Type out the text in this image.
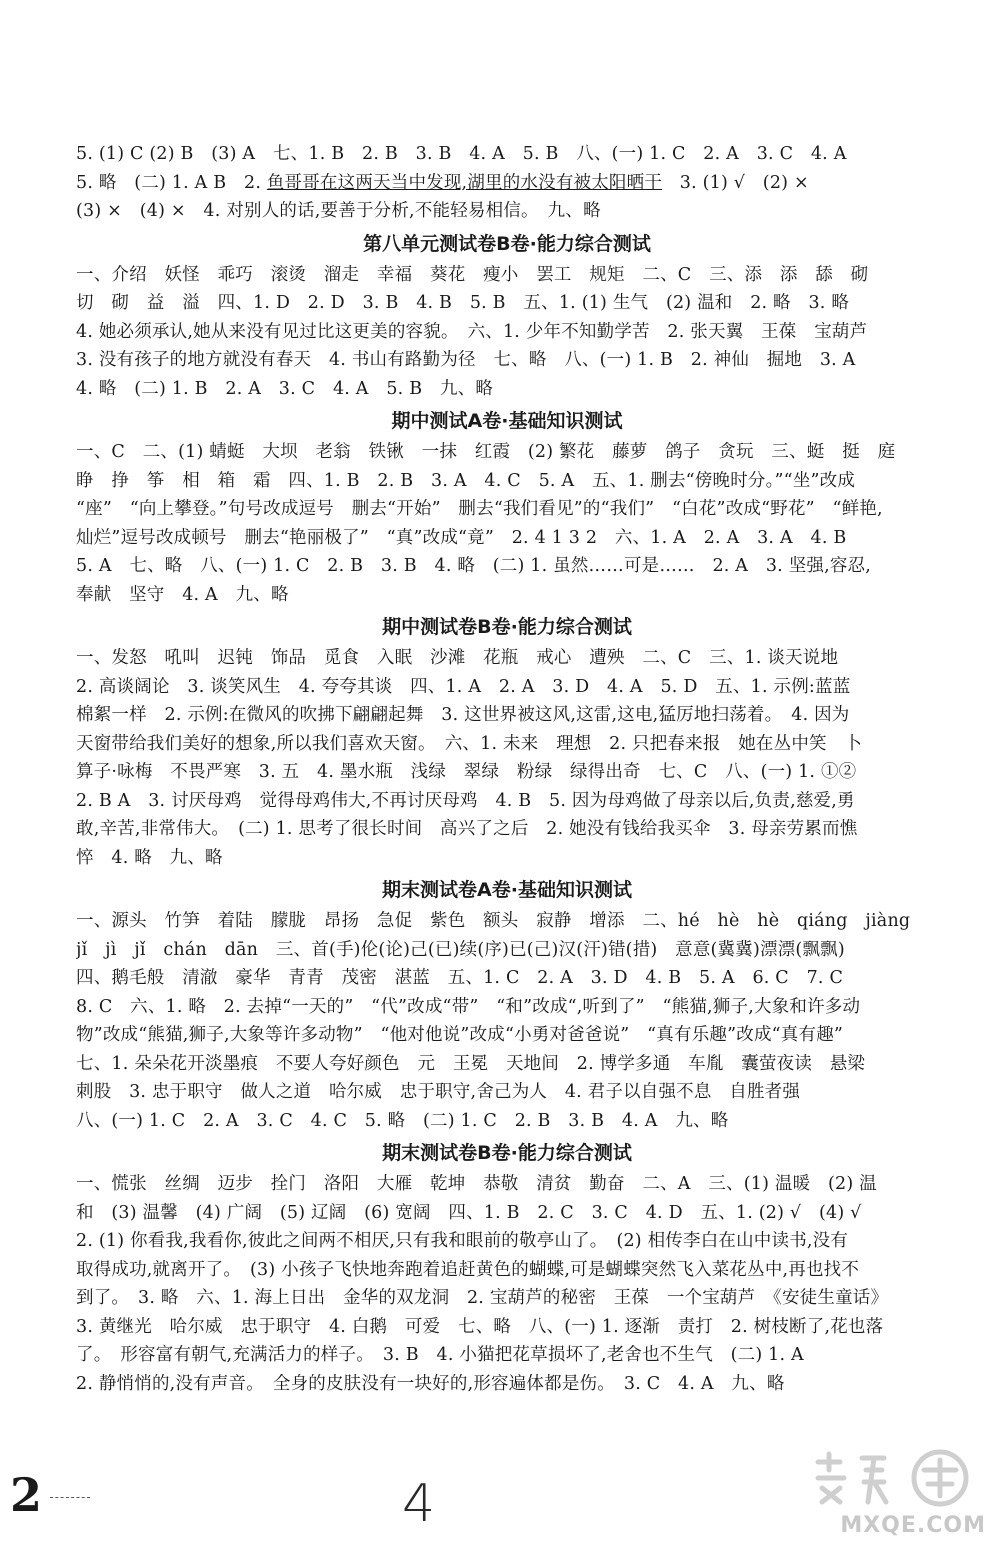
5. (1) C (2) B　(3) A　七、1. B　2. B　3. B　4. A　5. B　八、(一) 1. C　2. A　3. C　4. A
5. 略　(二) 1. A B　2. 鱼哥哥在这两天当中发现,湖里的水没有被太阳晒干　3. (1) √　(2) ×
(3) ×　(4) ×　4. 对别人的话,要善于分析,不能轻易相信。　九、略
第八单元测试卷B卷·能力综合测试
一、介绍　妖怪　乖巧　滚烫　溜走　幸福　葵花　瘦小　罢工　规矩　二、C　三、添　添　舔　砌
切　砌　益　溢　四、1. D　2. D　3. B　4. B　5. B　五、1. (1) 生气　(2) 温和　2. 略　3. 略
4. 她必须承认,她从来没有见过比这更美的容貌。　六、1. 少年不知勤学苦　2. 张天翼　王葆　宝葫芦
3. 没有孩子的地方就没有春天　4. 书山有路勤为径　七、略　八、(一) 1. B　2. 神仙　掘地　3. A
4. 略　(二) 1. B　2. A　3. C　4. A　5. B　九、略
期中测试A卷·基础知识测试
一、C　二、(1) 蜻蜓　大坝　老翁　铁锹　一抹　红霞　(2) 繁花　藤萝　鸽子　贪玩　三、蜓　挺　庭
睁　挣　筝　相　箱　霜　四、1. B　2. B　3. A　4. C　5. A　五、1. 删去“傍晚时分。”“坐”改成
“座”　“向上攀登。”句号改成逗号　删去“开始”　删去“我们看见”的“我们”　“白花”改成“野花”　“鲜艳,
灿烂”逗号改成顿号　删去“艳丽极了”　“真”改成“竟”　2. 4 1 3 2　六、1. A　2. A　3. A　4. B
5. A　七、略　八、(一) 1. C　2. B　3. B　4. 略　(二) 1. 虽然……可是……　2. A　3. 坚强,容忍,
奉献　坚守　4. A　九、略
期中测试卷B卷·能力综合测试
一、发怒　吼叫　迟钝　饰品　觅食　入眠　沙滩　花瓶　戒心　遭殃　二、C　三、1. 谈天说地
2. 高谈阔论　3. 谈笑风生　4. 夸夸其谈　四、1. A　2. A　3. D　4. A　5. D　五、1. 示例:蓝蓝
棉絮一样　2. 示例:在微风的吹拂下翩翩起舞　3. 这世界被这风,这雷,这电,猛厉地扫荡着。　4. 因为
天窗带给我们美好的想象,所以我们喜欢天窗。　六、1. 未来　理想　2. 只把春来报　她在丛中笑　卜
算子·咏梅　不畏严寒　3. 五　4. 墨水瓶　浅绿　翠绿　粉绿　绿得出奇　七、C　八、(一) 1. ①②
2. B A　3. 讨厌母鸡　觉得母鸡伟大,不再讨厌母鸡　4. B　5. 因为母鸡做了母亲以后,负责,慈爱,勇
敢,辛苦,非常伟大。　(二) 1. 思考了很长时间　高兴了之后　2. 她没有钱给我买伞　3. 母亲劳累而憔
悴　4. 略　九、略
期末测试卷A卷·基础知识测试
一、源头　竹笋　着陆　朦胧　昂扬　急促　紫色　额头　寂静　增添　二、hé　hè　hè　qiáng　jiàng
jǐ　jì　jǐ　chán　dān　三、首(手)伦(论)己(已)续(序)已(己)汉(汗)错(措)　意意(冀冀)漂漂(飘飘)
四、鹅毛般　清澈　豪华　青青　茂密　湛蓝　五、1. C　2. A　3. D　4. B　5. A　6. C　7. C
8. C　六、1. 略　2. 去掉“一天的”　“代”改成“带”　“和”改成“,听到了”　“熊猫,狮子,大象和许多动
物”改成“熊猫,狮子,大象等许多动物”　“他对他说”改成“小勇对爸爸说”　“真有乐趣”改成“真有趣”
七、1. 朵朵花开淡墨痕　不要人夸好颜色　元　王冕　天地间　2. 博学多通　车胤　囊萤夜读　悬梁
刺股　3. 忠于职守　做人之道　哈尔威　忠于职守,舍己为人　4. 君子以自强不息　自胜者强
八、(一) 1. C　2. A　3. C　4. C　5. 略　(二) 1. C　2. B　3. B　4. A　九、略
期末测试卷B卷·能力综合测试
一、慌张　丝绸　迈步　拴门　洛阳　大雁　乾坤　恭敬　清贫　勤奋　二、A　三、(1) 温暖　(2) 温
和　(3) 温馨　(4) 广阔　(5) 辽阔　(6) 宽阔　四、1. B　2. C　3. C　4. D　五、1. (2) √　(4) √
2. (1) 你看我,我看你,彼此之间两不相厌,只有我和眼前的敬亭山了。　(2) 相传李白在山中读书,没有
取得成功,就离开了。　(3) 小孩子飞快地奔跑着追赶黄色的蝴蝶,可是蝴蝶突然飞入菜花丛中,再也找不
到了。　3. 略　六、1. 海上日出　金华的双龙洞　2. 宝葫芦的秘密　王葆　一个宝葫芦　《安徒生童话》
3. 黄继光　哈尔威　忠于职守　4. 白鹅　可爱　七、略　八、(一) 1. 逐渐　责打　2. 树枝断了,花也落
了。　形容富有朝气,充满活力的样子。　3. B　4. 小猫把花草损坏了,老舍也不生气　(二) 1. A
2. 静悄悄的,没有声音。　全身的皮肤没有一块好的,形容遍体都是伤。　3. C　4. A　九、略
2	4	MXQE.COM
